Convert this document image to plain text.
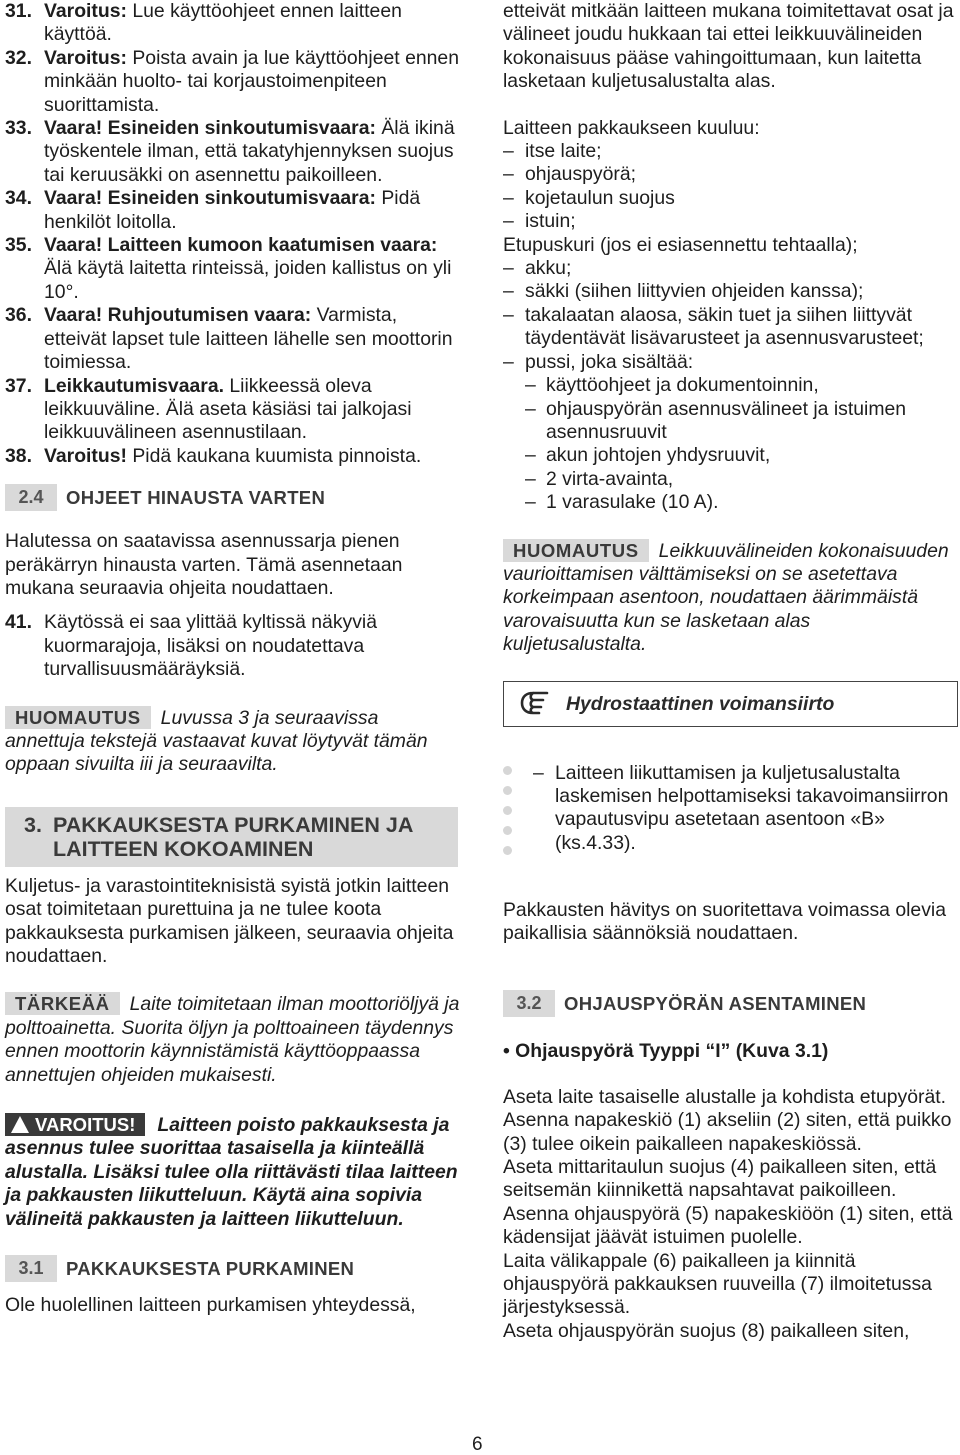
31. Varoitus: Lue käyttöohjeet ennen laitteen käyttöä.
32. Varoitus: Poista avain ja lue käyttöohjeet ennen minkään huolto- tai korjaustoimenpiteen suorittamista.
33. Vaara! Esineiden sinkoutumisvaara: Älä ikinä työskentele ilman, että takatyhjennyksen suojus tai keruusäkki on asennettu paikoilleen.
34. Vaara! Esineiden sinkoutumisvaara: Pidä henkilöt loitolla.
35. Vaara! Laitteen kumoon kaatumisen vaara: Älä käytä laitetta rinteissä, joiden kallistus on yli 10°.
36. Vaara! Ruhjoutumisen vaara: Varmista, etteivät lapset tule laitteen lähelle sen moottorin toimiessa.
37. Leikkautumisvaara. Liikkeessä oleva leikkuuväline. Älä aseta käsiäsi tai jalkojasi leikkuuvälineen asennustilaan.
38. Varoitus! Pidä kaukana kuumista pinnoista.
2.4	OHJEET HINAUSTA VARTEN
Halutessa on saatavissa asennussarja pienen peräkärryn hinausta varten. Tämä asennetaan mukana seuraavia ohjeita noudattaen.
41. Käytössä ei saa ylittää kyltissä näkyviä kuormarajoja, lisäksi on noudatettava turvallisuusmääräyksiä.
HUOMAUTUS Luvussa 3 ja seuraavissa annettuja tekstejä vastaavat kuvat löytyvät tämän oppaan sivuilta iii ja seuraavilta.
3. PAKKAUKSESTA PURKAMINEN JA
LAITTEEN KOKOAMINEN
Kuljetus- ja varastointiteknisistä syistä jotkin laitteen osat toimitetaan purettuina ja ne tulee koota pakkauksesta purkamisen jälkeen, seuraavia ohjeita noudattaen.
TÄRKEÄÄ Laite toimitetaan ilman moottoriöljyä ja polttoainetta. Suorita öljyn ja polttoaineen täydennys ennen moottorin käynnistämistä käyttöoppaassa annettujen ohjeiden mukaisesti.
VAROITUS! Laitteen poisto pakkauksesta ja asennus tulee suorittaa tasaisella ja kiinteällä alustalla. Lisäksi tulee olla riittävästi tilaa laitteen ja pakkausten liikutteluun. Käytä aina sopivia välineitä pakkausten ja laitteen liikutteluun.
3.1	PAKKAUKSESTA PURKAMINEN
Ole huolellinen laitteen purkamisen yhteydessä,
etteivät mitkään laitteen mukana toimitettavat osat ja välineet joudu hukkaan tai ettei leikkuuvälineiden kokonaisuus pääse vahingoittumaan, kun laitetta lasketaan kuljetusalustalta alas.
Laitteen pakkaukseen kuuluu:
– itse laite;
– ohjauspyörä;
– kojetaulun suojus
– istuin;
Etupuskuri (jos ei esiasennettu tehtaalla);
– akku;
– säkki (siihen liittyvien ohjeiden kanssa);
– takalaatan alaosa, säkin tuet ja siihen liittyvät täydentävät lisävarusteet ja asennusvarusteet;
– pussi, joka sisältää:
– käyttöohjeet ja dokumentoinnin,
– ohjauspyörän asennusvälineet ja istuimen asennusruuvit
– akun johtojen yhdysruuvit,
– 2 virta-avainta,
– 1 varasulake (10 A).
HUOMAUTUS Leikkuuvälineiden kokonaisuuden vaurioittamisen välttämiseksi on se asetettava korkeimpaan asentoon, noudattaen äärimmäistä varovaisuutta kun se lasketaan alas kuljetusalustalta.
Hydrostaattinen voimansiirto
– Laitteen liikuttamisen ja kuljetusalustalta laskemisen helpottamiseksi takavoimansiirron vapautusvipu asetetaan asentoon «B» (ks.4.33).
Pakkausten hävitys on suoritettava voimassa olevia paikallisia säännöksiä noudattaen.
3.2	OHJAUSPYÖRÄN ASENTAMINEN
• Ohjauspyörä Tyyppi “I” (Kuva 3.1)
Aseta laite tasaiselle alustalle ja kohdista etupyörät.
Asenna napakeskiö (1) akseliin (2) siten, että puikko (3) tulee oikein paikalleen napakeskiössä.
Aseta mittaritaulun suojus (4) paikalleen siten, että seitsemän kiinnikettä napsahtavat paikoilleen.
Asenna ohjauspyörä (5) napakeskiöön (1) siten, että kädensijat jäävät istuimen puolelle.
Laita välikappale (6) paikalleen ja kiinnitä ohjauspyörä pakkauksen ruuveilla (7) ilmoitetussa järjestyksessä.
Aseta ohjauspyörän suojus (8) paikalleen siten,
6
